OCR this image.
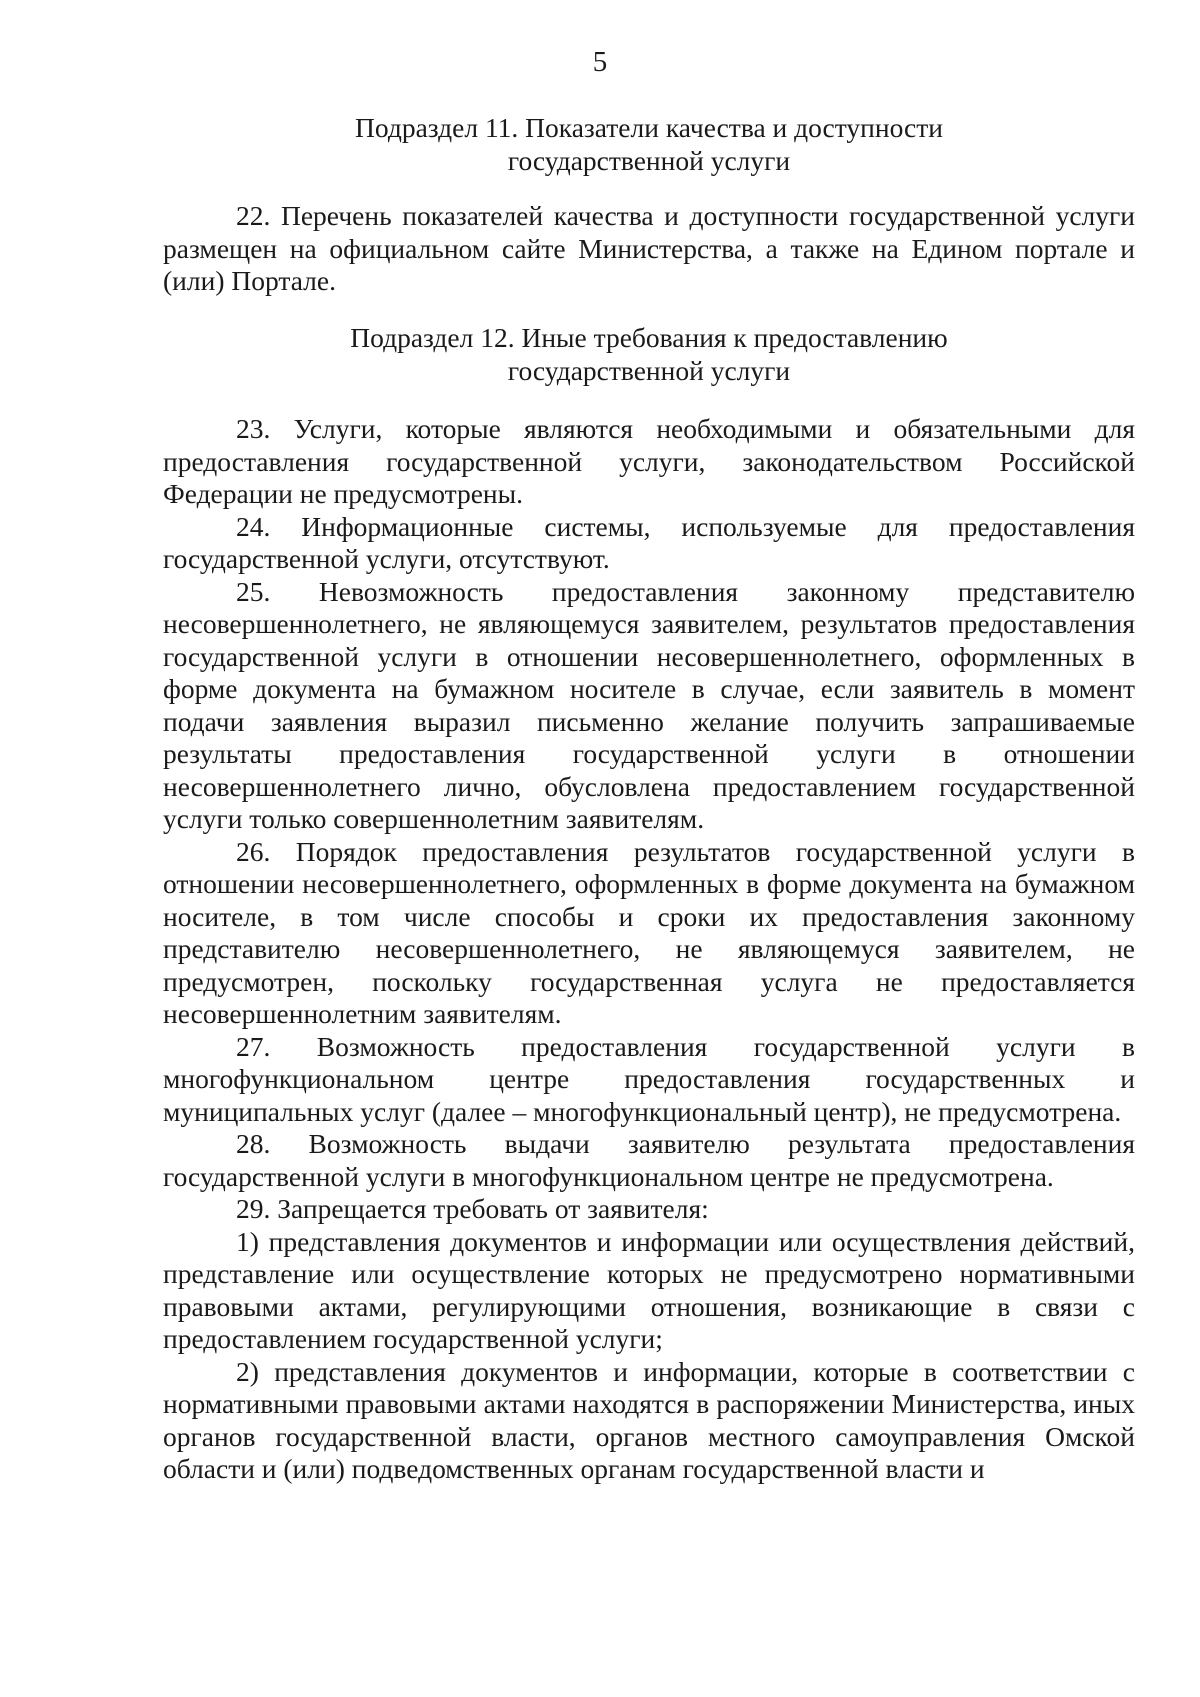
5
Подраздел 11. Показатели качества и доступности
государственной услуги

22. Перечень показателей качества и доступности государственной услуги размещен на официальном сайте Министерства, а также на Едином портале и (или) Портале.

Подраздел 12. Иные требования к предоставлению
государственной услуги

23. Услуги, которые являются необходимыми и обязательными для предоставления государственной услуги, законодательством Российской Федерации не предусмотрены.

24. Информационные системы, используемые для предоставления государственной услуги, отсутствуют.

25. Невозможность предоставления законному представителю несовершеннолетнего, не являющемуся заявителем, результатов предоставления государственной услуги в отношении несовершеннолетнего, оформленных в форме документа на бумажном носителе в случае, если заявитель в момент подачи заявления выразил письменно желание получить запрашиваемые результаты предоставления государственной услуги в отношении несовершеннолетнего лично, обусловлена предоставлением государственной услуги только совершеннолетним заявителям.

26. Порядок предоставления результатов государственной услуги в отношении несовершеннолетнего, оформленных в форме документа на бумажном носителе, в том числе способы и сроки их предоставления законному представителю несовершеннолетнего, не являющемуся заявителем, не предусмотрен, поскольку государственная услуга не предоставляется несовершеннолетним заявителям.

27. Возможность предоставления государственной услуги в многофункциональном центре предоставления государственных и муниципальных услуг (далее – многофункциональный центр), не предусмотрена.

28. Возможность выдачи заявителю результата предоставления государственной услуги в многофункциональном центре не предусмотрена.

29. Запрещается требовать от заявителя:

1) представления документов и информации или осуществления действий, представление или осуществление которых не предусмотрено нормативными правовыми актами, регулирующими отношения, возникающие в связи с предоставлением государственной услуги;

2) представления документов и информации, которые в соответствии с нормативными правовыми актами находятся в распоряжении Министерства, иных органов государственной власти, органов местного самоуправления Омской области и (или) подведомственных органам государственной власти и
